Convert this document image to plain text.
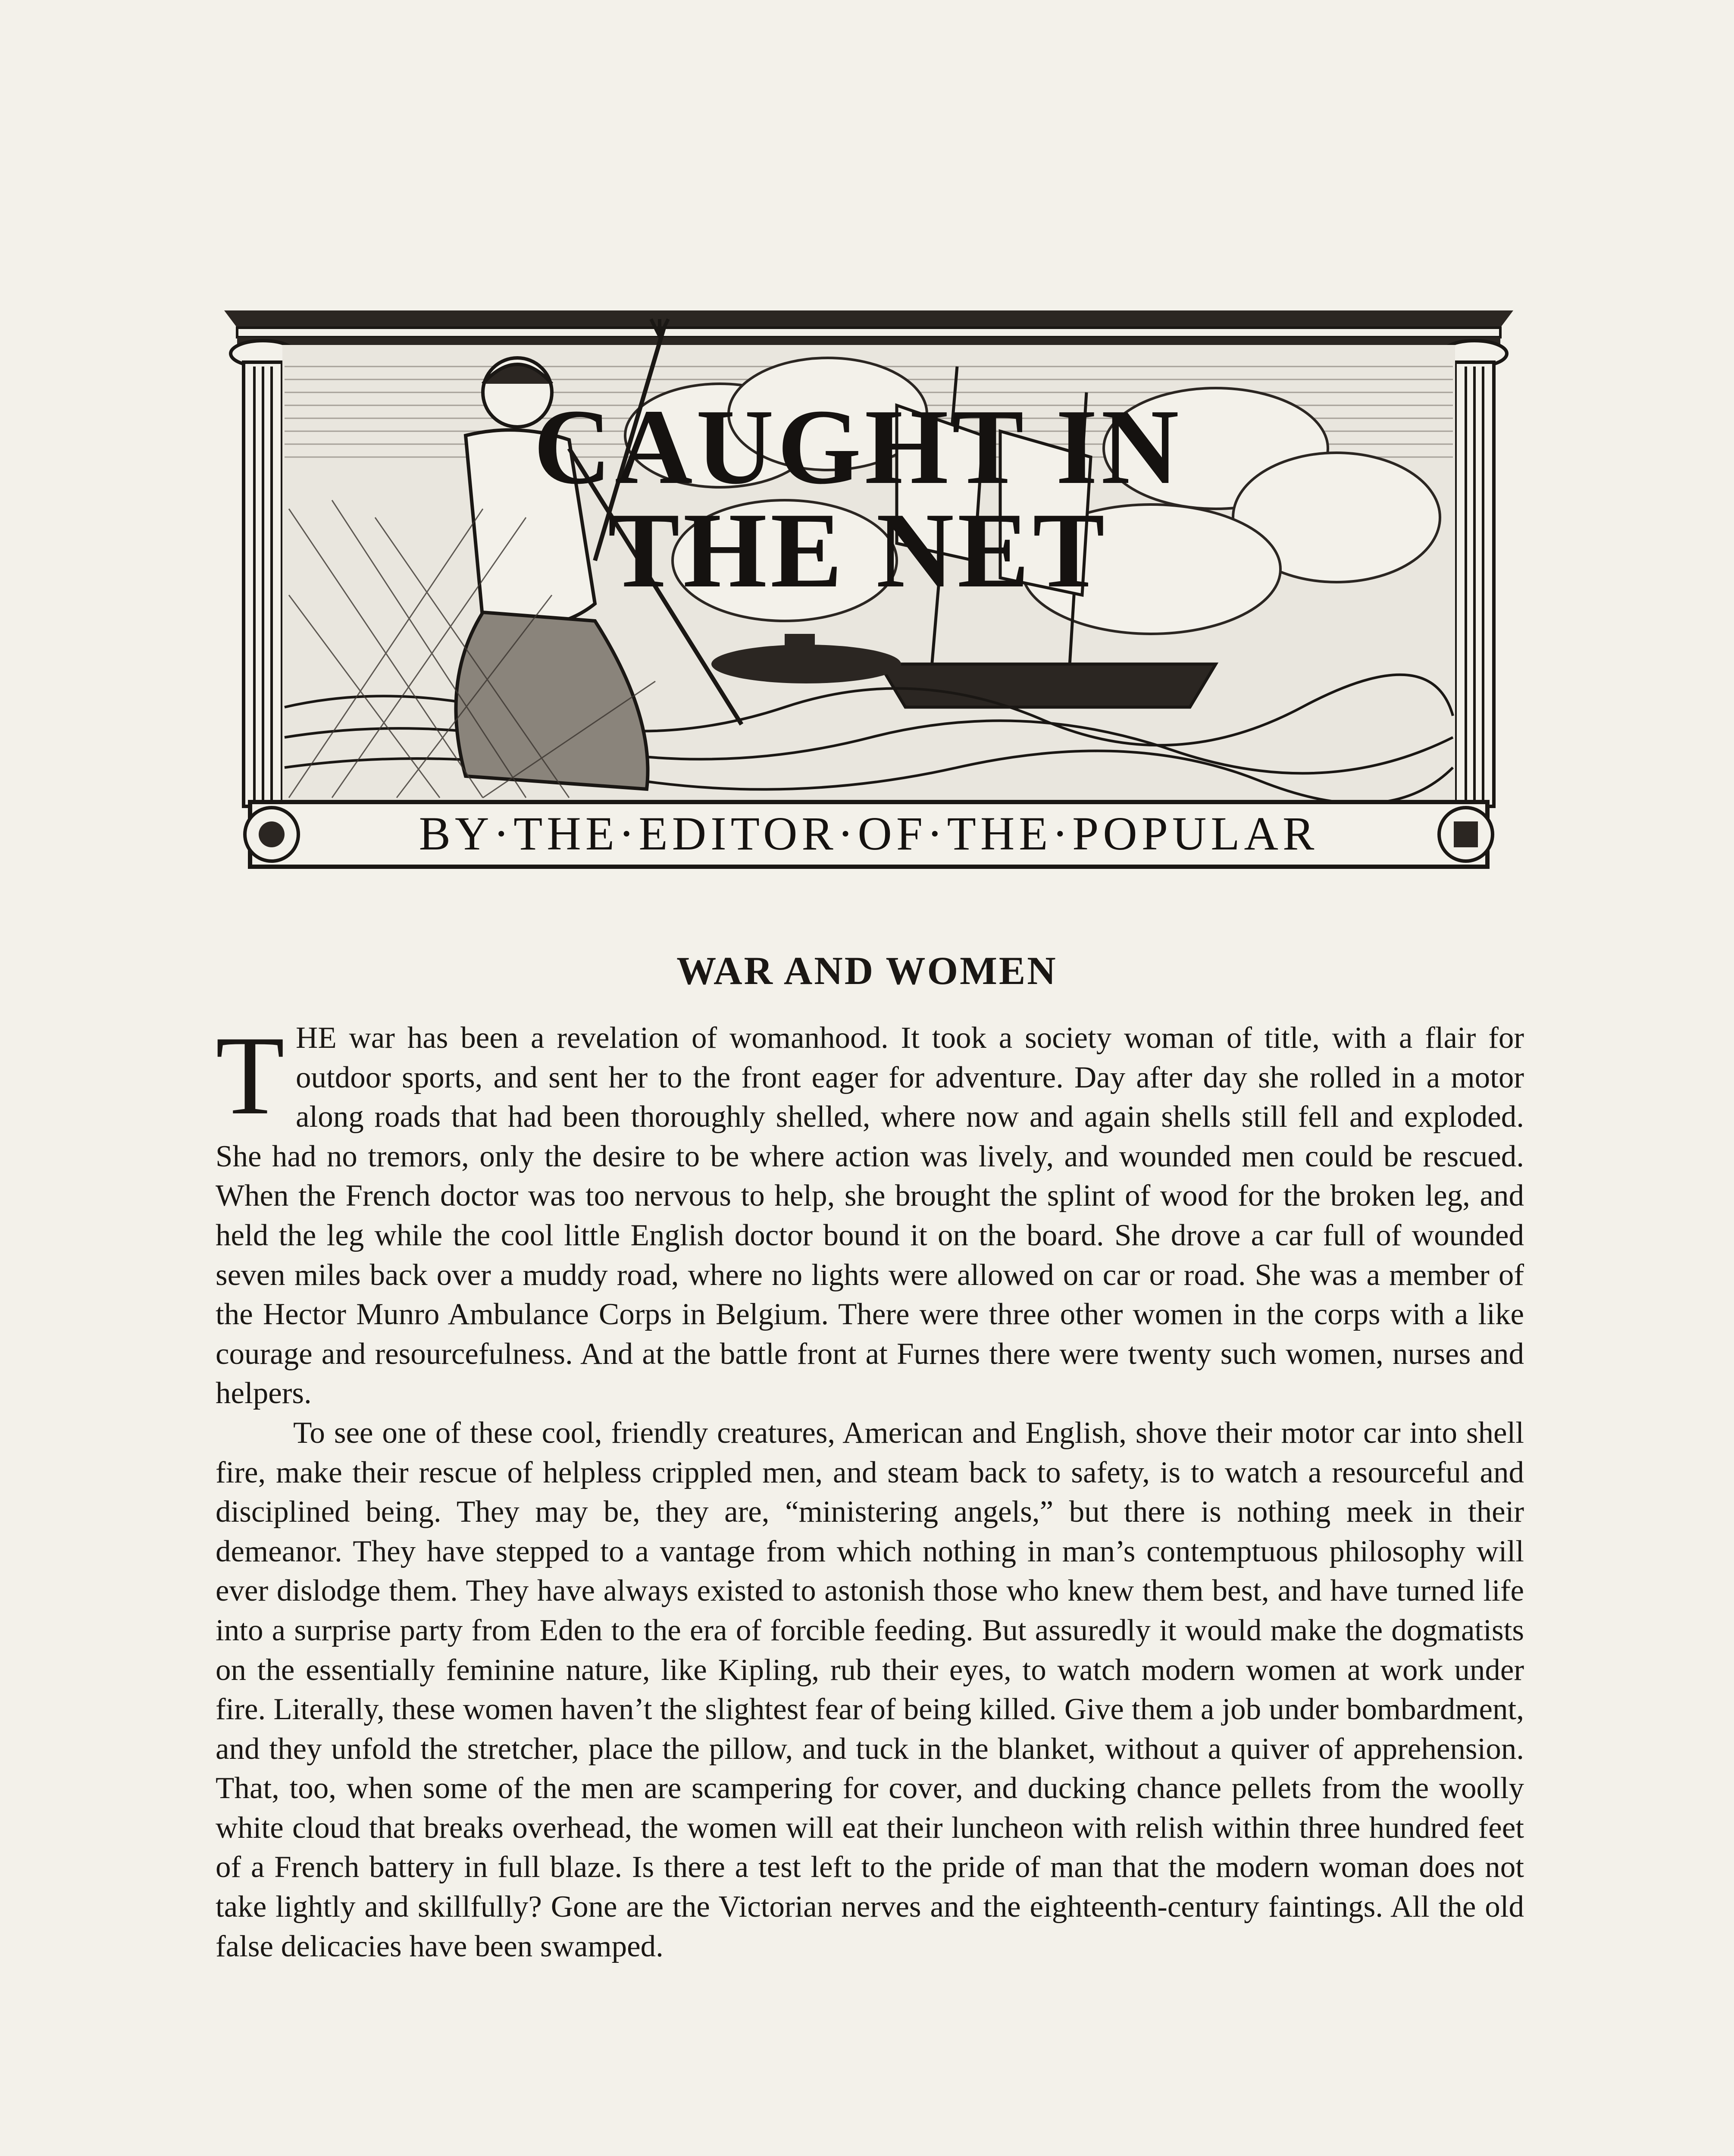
CAUGHT IN
THE NET
BY·THE·EDITOR·OF·THE·POPULAR
WAR AND WOMEN

THE war has been a revelation of womanhood. It took a society woman of title, with a flair for outdoor sports, and sent her to the front eager for adventure. Day after day she rolled in a motor along roads that had been thoroughly shelled, where now and again shells still fell and exploded. She had no tremors, only the desire to be where action was lively, and wounded men could be rescued. When the French doctor was too nervous to help, she brought the splint of wood for the broken leg, and held the leg while the cool little English doctor bound it on the board. She drove a car full of wounded seven miles back over a muddy road, where no lights were allowed on car or road. She was a member of the Hector Munro Ambulance Corps in Belgium. There were three other women in the corps with a like courage and resourcefulness. And at the battle front at Furnes there were twenty such women, nurses and helpers.

To see one of these cool, friendly creatures, American and English, shove their motor car into shell fire, make their rescue of helpless crippled men, and steam back to safety, is to watch a resourceful and disciplined being. They may be, they are, “ministering angels,” but there is nothing meek in their demeanor. They have stepped to a vantage from which nothing in man’s contemptuous philosophy will ever dislodge them. They have always existed to astonish those who knew them best, and have turned life into a surprise party from Eden to the era of forcible feeding. But assuredly it would make the dogmatists on the essentially feminine nature, like Kipling, rub their eyes, to watch modern women at work under fire. Literally, these women haven’t the slightest fear of being killed. Give them a job under bombardment, and they unfold the stretcher, place the pillow, and tuck in the blanket, without a quiver of apprehension. That, too, when some of the men are scampering for cover, and ducking chance pellets from the woolly white cloud that breaks overhead, the women will eat their luncheon with relish within three hundred feet of a French battery in full blaze. Is there a test left to the pride of man that the modern woman does not take lightly and skillfully? Gone are the Victorian nerves and the eighteenth-century faintings. All the old false delicacies have been swamped.
